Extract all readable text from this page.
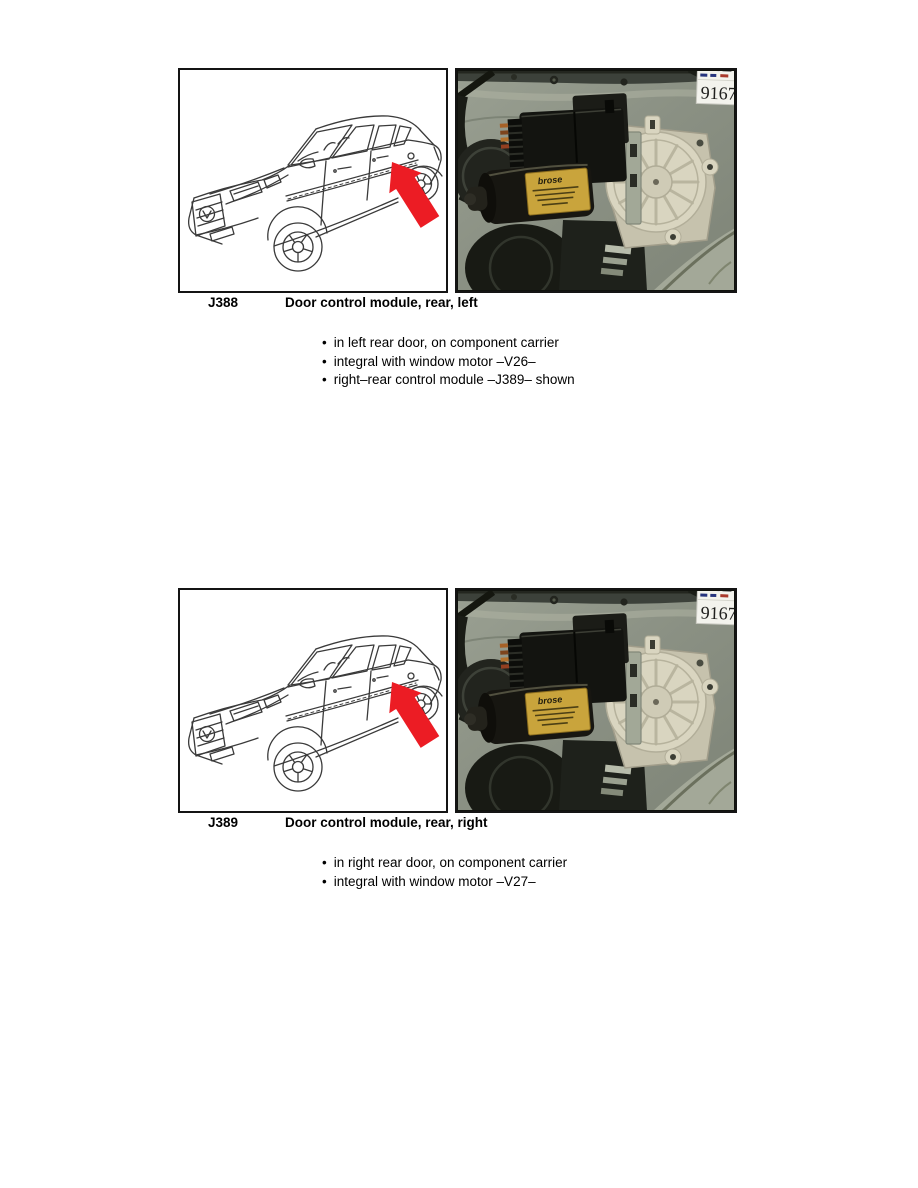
J388	Door control module, rear, left
• in left rear door, on component carrier
• integral with window motor –V26–
• right–rear control module –J389– shown
J389	Door control module, rear, right
• in right rear door, on component carrier
• integral with window motor –V27–
